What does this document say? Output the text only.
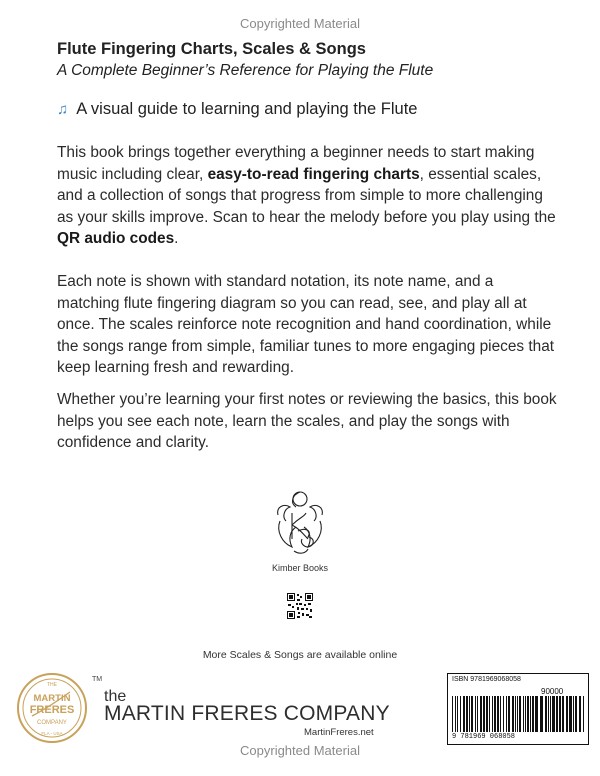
Copyrighted Material
Flute Fingering Charts, Scales & Songs
A Complete Beginner’s Reference for Playing the Flute
♫ A visual guide to learning and playing the Flute
This book brings together everything a beginner needs to start making music including clear, easy-to-read fingering charts, essential scales, and a collection of songs that progress from simple to more challenging as your skills improve. Scan to hear the melody before you play using the QR audio codes.
Each note is shown with standard notation, its note name, and a matching flute fingering diagram so you can read, see, and play all at once. The scales reinforce note recognition and hand coordination, while the songs range from simple, familiar tunes to more engaging pieces that keep learning fresh and rewarding.
Whether you’re learning your first notes or reviewing the basics, this book helps you see each note, learn the scales, and play the songs with confidence and clarity.
Kimber Books
More Scales & Songs are available online
THE
MARTIN
FRERES
COMPANY
FLA - USA
TM
the
MARTIN FRERES COMPANY
MartinFreres.net
ISBN 9781969068058
90000
9 781969 068058
Copyrighted Material
